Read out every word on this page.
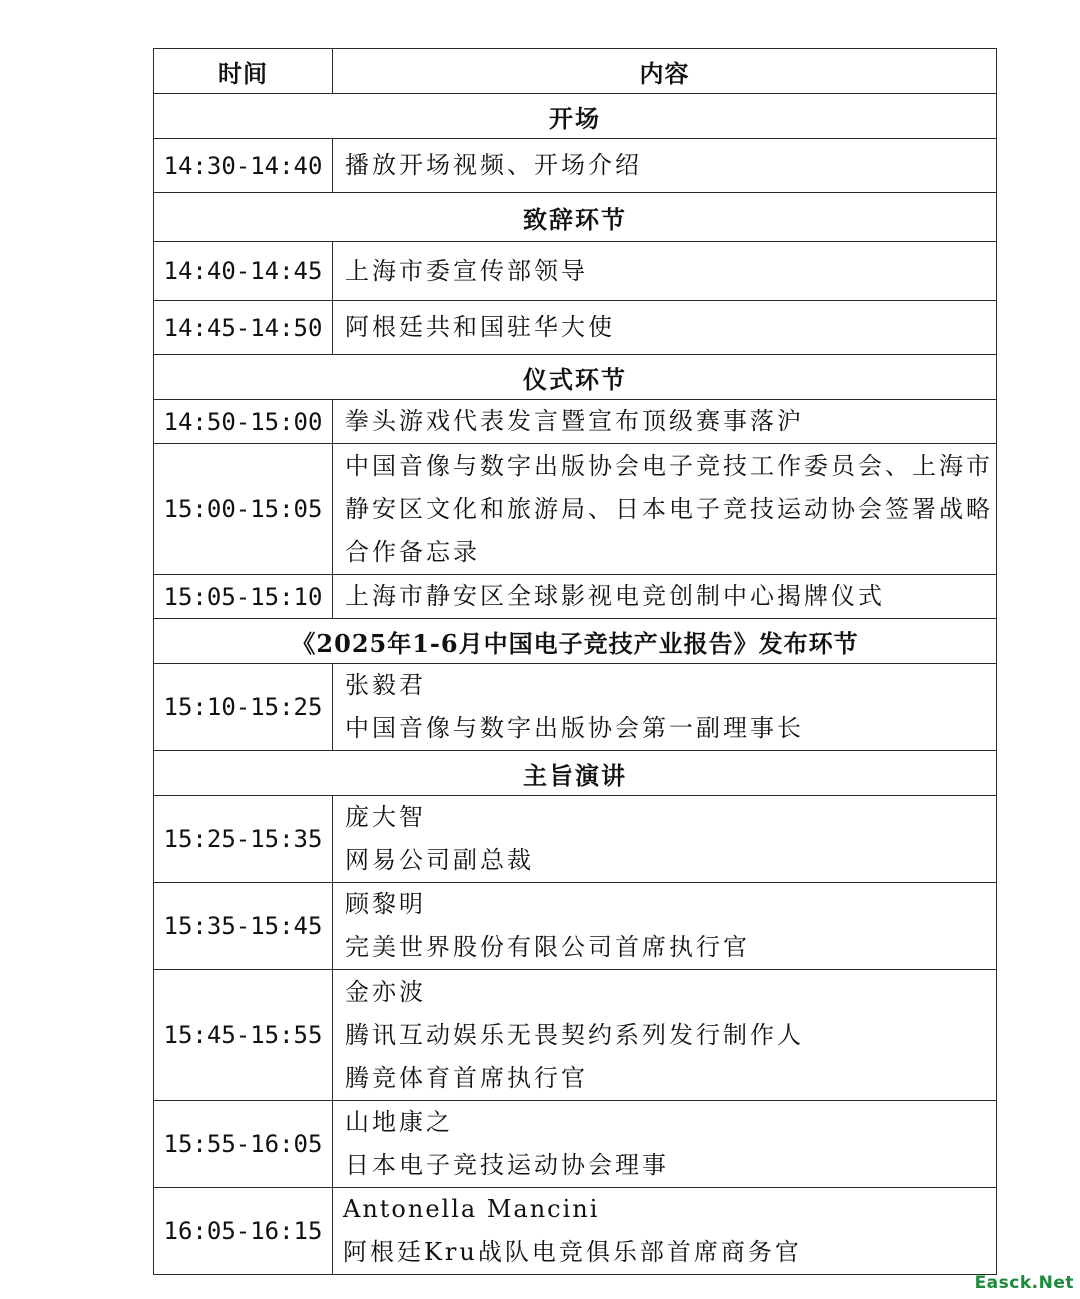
时间	内容
开场	
14:30-14:40	播放开场视频、开场介绍

致辞环节	
14:40-14:45	上海市委宣传部领导

14:45-14:50	阿根廷共和国驻华大使

仪式环节	
14:50-15:00	拳头游戏代表发言暨宣布顶级赛事落沪

15:00-15:05	中国音像与数字出版协会电子竞技工作委员会、上海市
静安区文化和旅游局、日本电子竞技运动协会签署战略
合作备忘录

15:05-15:10	上海市静安区全球影视电竞创制中心揭牌仪式

《2025年1-6月中国电子竞技产业报告》发布环节	
15:10-15:25	张毅君
中国音像与数字出版协会第一副理事长

主旨演讲	
15:25-15:35	庞大智
网易公司副总裁

15:35-15:45	顾黎明
完美世界股份有限公司首席执行官

15:45-15:55	金亦波
腾讯互动娱乐无畏契约系列发行制作人
腾竞体育首席执行官

15:55-16:05	山地康之
日本电子竞技运动协会理事

16:05-16:15	Antonella Mancini
阿根廷Kru战队电竞俱乐部首席商务官
Easck.Net
